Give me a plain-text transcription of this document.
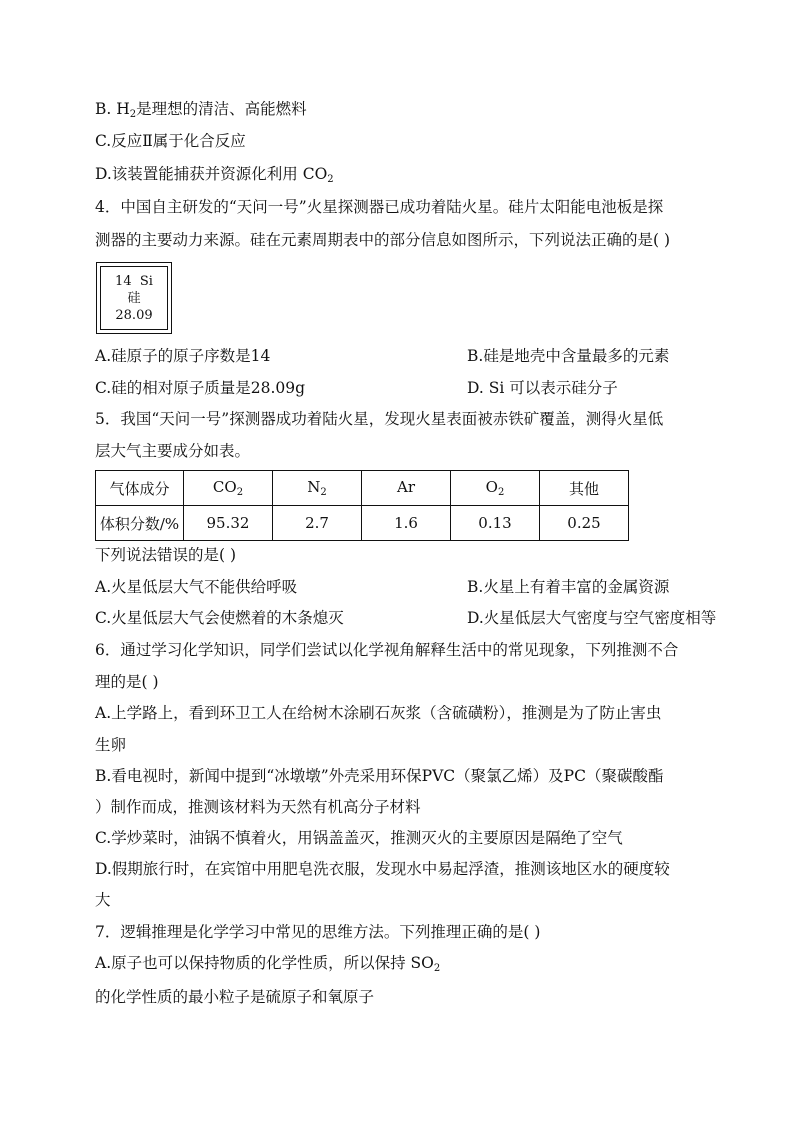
B. $H_2$是理想的清洁、高能燃料
C.反应Ⅱ属于化合反应
D.该装置能捕获并资源化利用 $CO_2$
4．中国自主研发的“天问一号”火星探测器已成功着陆火星。硅片太阳能电池板是探
测器的主要动力来源。硅在元素周期表中的部分信息如图所示，下列说法正确的是( )
14 Si
硅
28.09
A.硅原子的原子序数是14	B.硅是地壳中含量最多的元素
C.硅的相对原子质量是28.09g	D. Si 可以表示硅分子
5．我国“天问一号”探测器成功着陆火星，发现火星表面被赤铁矿覆盖，测得火星低
层大气主要成分如表。
气体成分	$CO_2$	$N_2$	Ar	$O_2$	其他
体积分数/%	95.32	2.7	1.6	0.13	0.25
下列说法错误的是( )
A.火星低层大气不能供给呼吸	B.火星上有着丰富的金属资源
C.火星低层大气会使燃着的木条熄灭	D.火星低层大气密度与空气密度相等
6．通过学习化学知识，同学们尝试以化学视角解释生活中的常见现象，下列推测不合
理的是( )
A.上学路上，看到环卫工人在给树木涂刷石灰浆（含硫磺粉），推测是为了防止害虫
生卵
B.看电视时，新闻中提到“冰墩墩”外壳采用环保PVC（聚氯乙烯）及PC（聚碳酸酯
）制作而成，推测该材料为天然有机高分子材料
C.学炒菜时，油锅不慎着火，用锅盖盖灭，推测灭火的主要原因是隔绝了空气
D.假期旅行时，在宾馆中用肥皂洗衣服，发现水中易起浮渣，推测该地区水的硬度较
大
7．逻辑推理是化学学习中常见的思维方法。下列推理正确的是( )
A.原子也可以保持物质的化学性质，所以保持 $SO_2$
的化学性质的最小粒子是硫原子和氧原子
